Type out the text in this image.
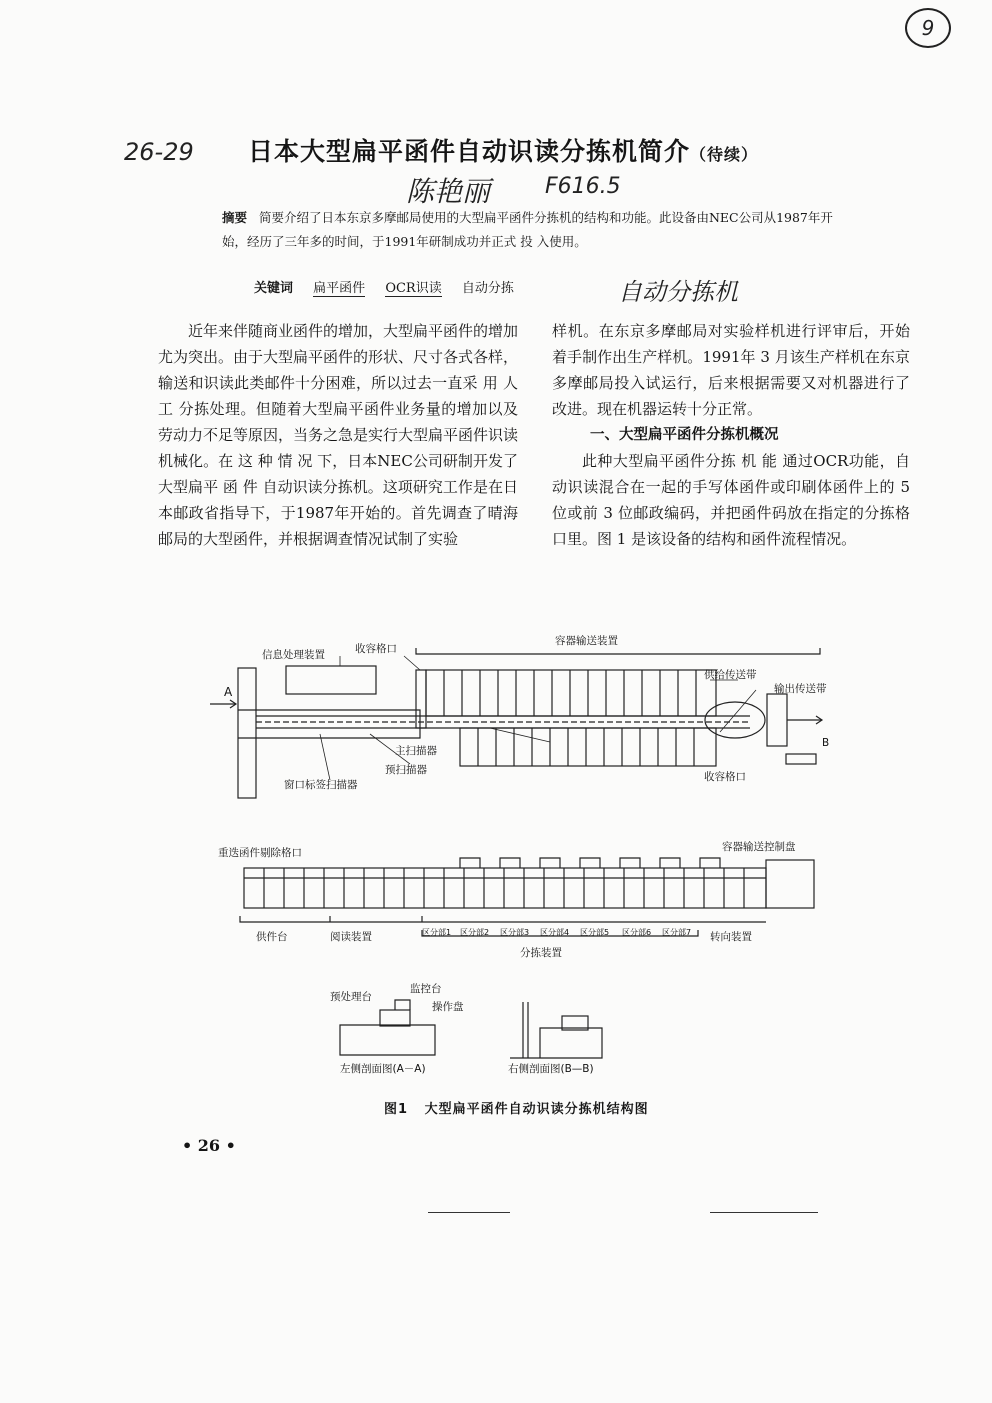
9
26-29
陈艳丽 F616.5
自动分拣机
日本大型扁平函件自动识读分拣机简介（待续）
摘要 简要介绍了日本东京多摩邮局使用的大型扁平函件分拣机的结构和功能。此设备由NEC公司从1987年开始，经历了三年多的时间，于1991年研制成功并正式 投 入使用。
关键词 扁平函件 OCR识读 自动分拣
近年来伴随商业函件的增加，大型扁平函件的增加尤为突出。由于大型扁平函件的形状、尺寸各式各样，输送和识读此类邮件十分困难，所以过去一直采 用 人 工 分拣处理。但随着大型扁平函件业务量的增加以及劳动力不足等原因，当务之急是实行大型扁平函件识读机械化。在 这 种 情 况 下，日本NEC公司研制开发了大型扁平 函 件 自动识读分拣机。这项研究工作是在日本邮政省指导下，于1987年开始的。首先调查了晴海邮局的大型函件，并根据调查情况试制了实验
样机。在东京多摩邮局对实验样机进行评审后，开始着手制作出生产样机。1991年 3 月该生产样机在东京多摩邮局投入试运行，后来根据需要又对机器进行了改进。现在机器运转十分正常。
一、大型扁平函件分拣机概况
此种大型扁平函件分拣 机 能 通过OCR功能，自动识读混合在一起的手写体函件或印刷体函件上的 5 位或前 3 位邮政编码，并把函件码放在指定的分拣格口里。图 1 是该设备的结构和函件流程情况。
信息处理装置	收容格口
容器输送装置
供给传送带
输出传送带
A
B
主扫描器
预扫描器
窗口标签扫描器
收容格口
重迭函件剔除格口	容器输送控制盘
供件台	阅读装置	区分部1 区分部2 区分部3 区分部4 区分部5 区分部6 区分部7 转向装置
分拣装置
预处理台
监控台
操作盘
左侧剖面图(A－A)	右侧剖面图(B—B)
图1 大型扁平函件自动识读分拣机结构图
• 26 •
